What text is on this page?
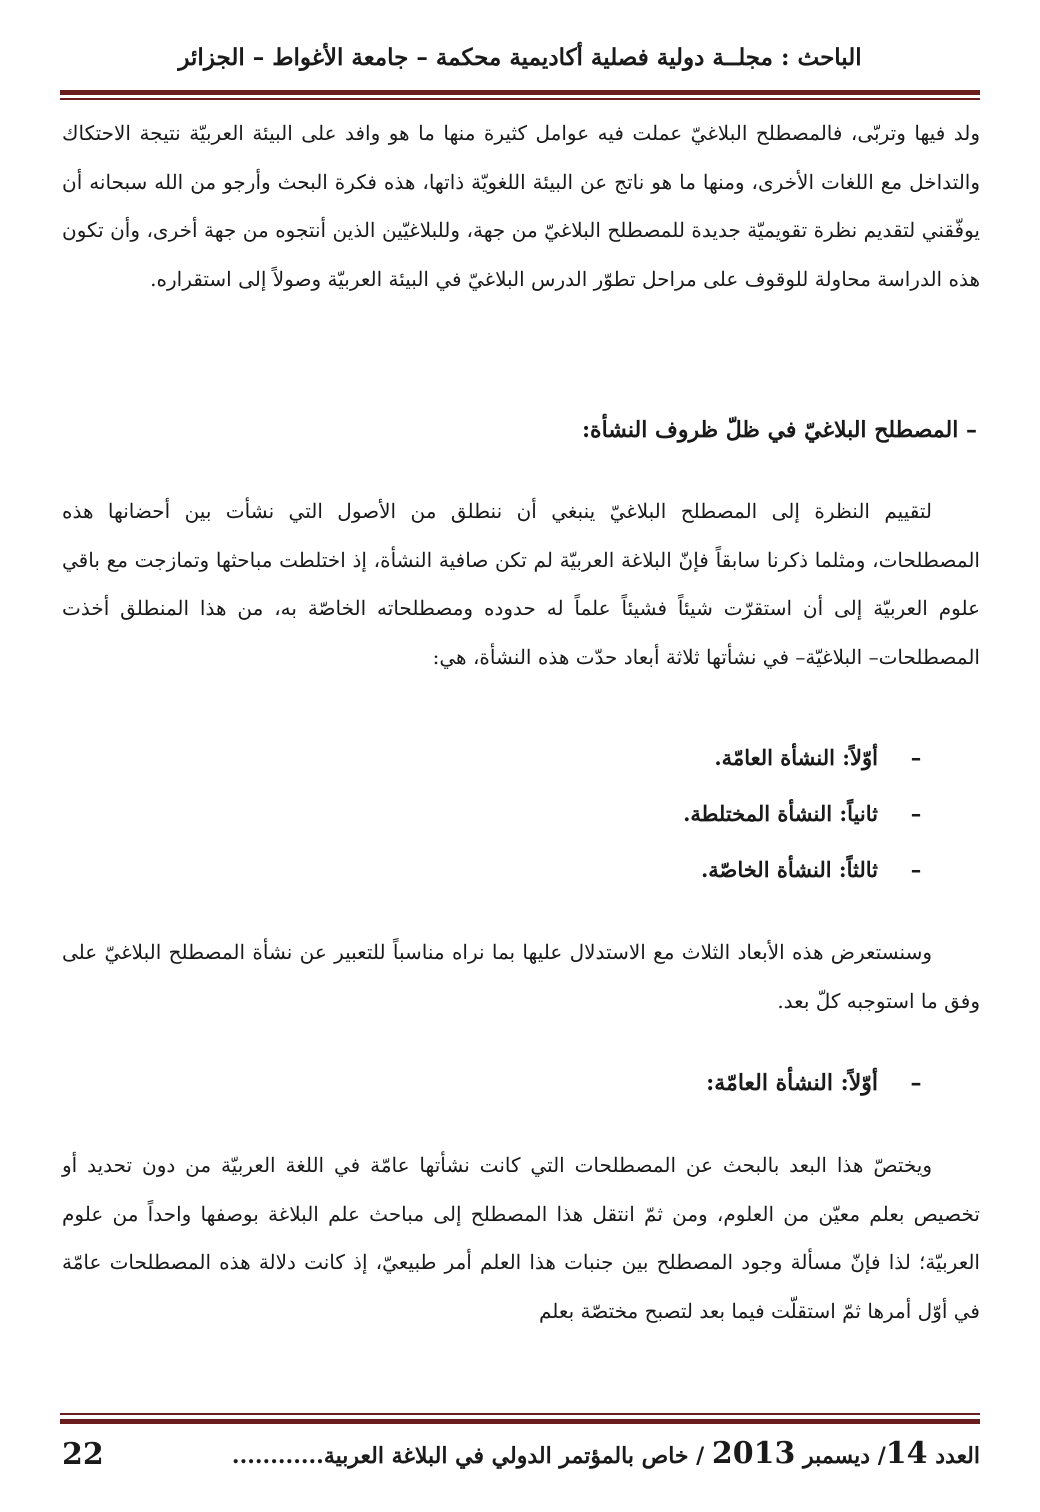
الباحث : مجلــة دولية فصلية أكاديمية محكمة – جامعة الأغواط – الجزائر

ولد فيها وتربّى، فالمصطلح البلاغيّ عملت فيه عوامل كثيرة منها ما هو وافد على البيئة العربيّة نتيجة الاحتكاك والتداخل مع اللغات الأخرى، ومنها ما هو ناتج عن البيئة اللغويّة ذاتها، هذه فكرة البحث وأرجو من الله سبحانه أن يوفّقني لتقديم نظرة تقويميّة جديدة للمصطلح البلاغيّ من جهة، وللبلاغيّين الذين أنتجوه من جهة أخرى، وأن تكون هذه الدراسة محاولة للوقوف على مراحل تطوّر الدرس البلاغيّ في البيئة العربيّة وصولاً إلى استقراره.

– المصطلح البلاغيّ في ظلّ ظروف النشأة:

لتقييم النظرة إلى المصطلح البلاغيّ ينبغي أن ننطلق من الأصول التي نشأت بين أحضانها هذه المصطلحات، ومثلما ذكرنا سابقاً فإنّ البلاغة العربيّة لم تكن صافية النشأة، إذ اختلطت مباحثها وتمازجت مع باقي علوم العربيّة إلى أن استقرّت شيئاً فشيئاً علماً له حدوده ومصطلحاته الخاصّة به، من هذا المنطلق أخذت المصطلحات– البلاغيّة– في نشأتها ثلاثة أبعاد حدّت هذه النشأة، هي:

–
أوّلاً: النشأة العامّة.
–
ثانياً: النشأة المختلطة.
–
ثالثاً: النشأة الخاصّة.

وسنستعرض هذه الأبعاد الثلاث مع الاستدلال عليها بما نراه مناسباً للتعبير عن نشأة المصطلح البلاغيّ على وفق ما استوجبه كلّ بعد.

–
أوّلاً: النشأة العامّة:

ويختصّ هذا البعد بالبحث عن المصطلحات التي كانت نشأتها عامّة في اللغة العربيّة من دون تحديد أو تخصيص بعلم معيّن من العلوم، ومن ثمّ انتقل هذا المصطلح إلى مباحث علم البلاغة بوصفها واحداً من علوم العربيّة؛ لذا فإنّ مسألة وجود المصطلح بين جنبات هذا العلم أمر طبيعيّ، إذ كانت دلالة هذه المصطلحات عامّة في أوّل أمرها ثمّ استقلّت فيما بعد لتصبح مختصّة بعلم

العدد 14/ ديسمبر 2013 / خاص بالمؤتمر الدولي في البلاغة العربية............
22
